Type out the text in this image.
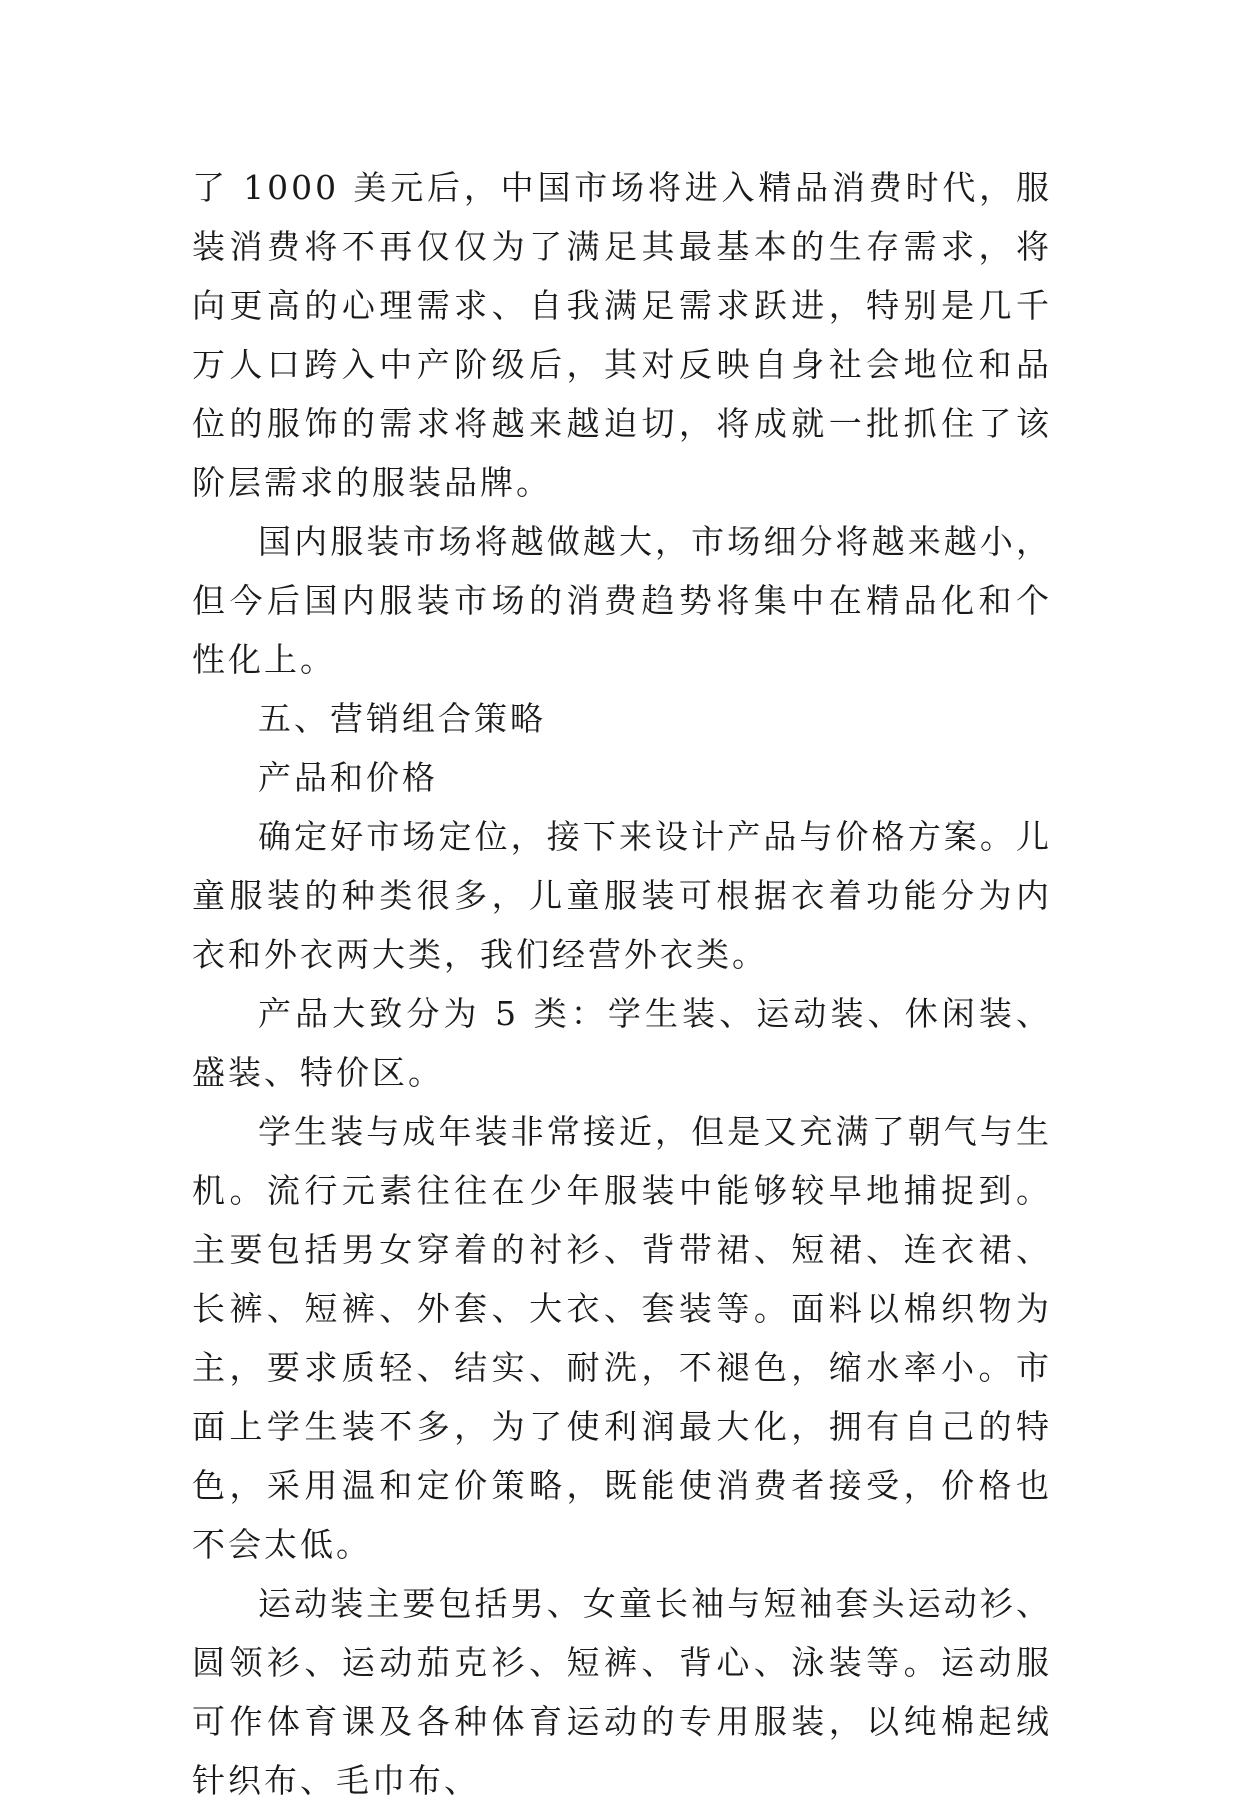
了 1000 美元后，中国市场将进入精品消费时代，服装消费将不再仅仅为了满足其最基本的生存需求，将向更高的心理需求、自我满足需求跃进，特别是几千万人口跨入中产阶级后，其对反映自身社会地位和品位的服饰的需求将越来越迫切，将成就一批抓住了该阶层需求的服装品牌。

国内服装市场将越做越大，市场细分将越来越小，但今后国内服装市场的消费趋势将集中在精品化和个性化上。

五、营销组合策略

产品和价格

确定好市场定位，接下来设计产品与价格方案。儿童服装的种类很多，儿童服装可根据衣着功能分为内衣和外衣两大类，我们经营外衣类。

产品大致分为 5 类：学生装、运动装、休闲装、盛装、特价区。

学生装与成年装非常接近，但是又充满了朝气与生机。流行元素往往在少年服装中能够较早地捕捉到。主要包括男女穿着的衬衫、背带裙、短裙、连衣裙、长裤、短裤、外套、大衣、套装等。面料以棉织物为主，要求质轻、结实、耐洗，不褪色，缩水率小。市面上学生装不多，为了使利润最大化，拥有自己的特色，采用温和定价策略，既能使消费者接受，价格也不会太低。

运动装主要包括男、女童长袖与短袖套头运动衫、圆领衫、运动茄克衫、短裤、背心、泳装等。运动服可作体育课及各种体育运动的专用服装，以纯棉起绒针织布、毛巾布、
